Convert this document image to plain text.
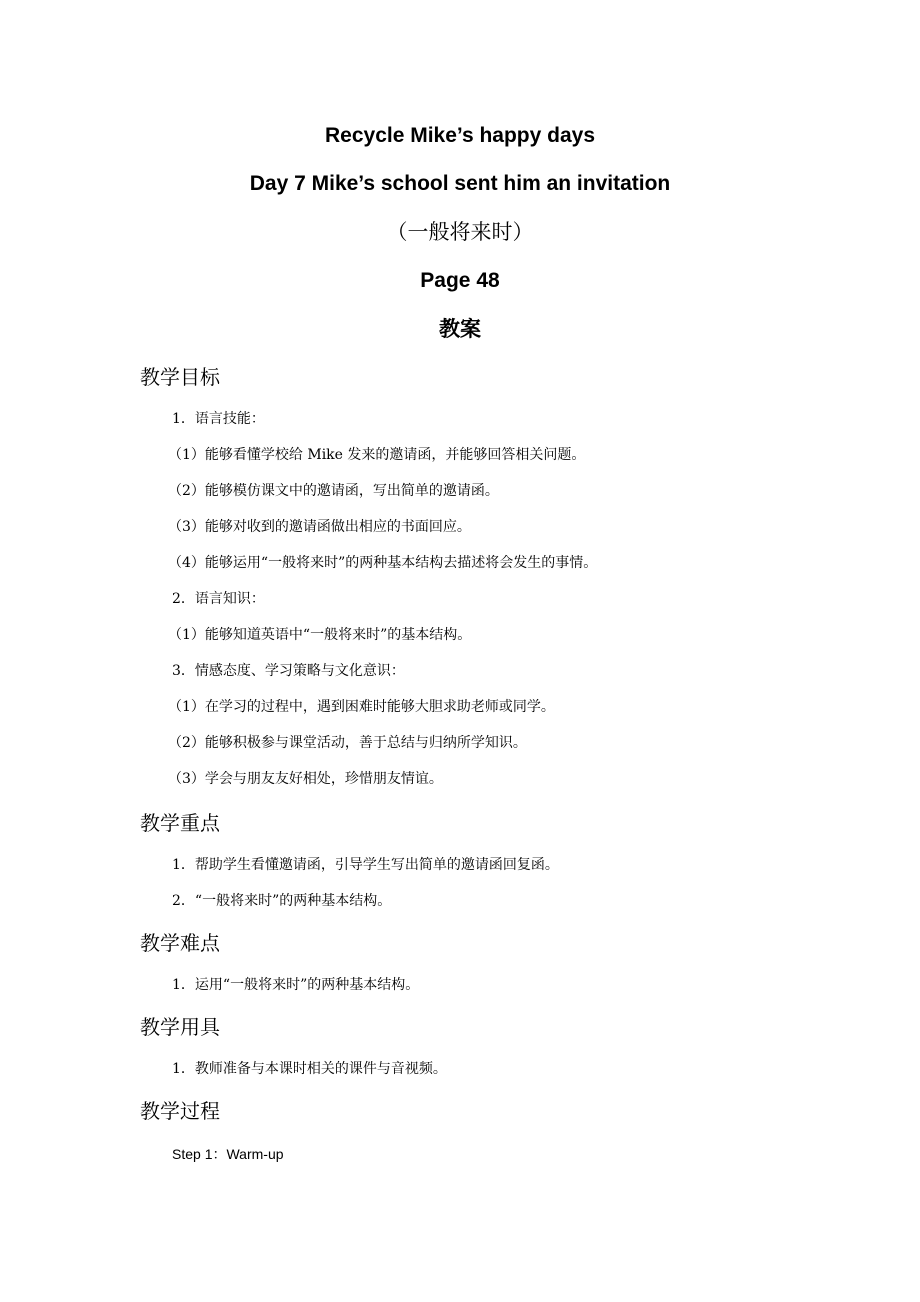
Recycle Mike’s happy days
Day 7 Mike’s school sent him an invitation
（一般将来时）
Page 48
教案
教学目标
1．语言技能：
（1）能够看懂学校给 Mike 发来的邀请函，并能够回答相关问题。
（2）能够模仿课文中的邀请函，写出简单的邀请函。
（3）能够对收到的邀请函做出相应的书面回应。
（4）能够运用“一般将来时”的两种基本结构去描述将会发生的事情。
2．语言知识：
（1）能够知道英语中“一般将来时”的基本结构。
3．情感态度、学习策略与文化意识：
（1）在学习的过程中，遇到困难时能够大胆求助老师或同学。
（2）能够积极参与课堂活动，善于总结与归纳所学知识。
（3）学会与朋友友好相处，珍惜朋友情谊。
教学重点
1．帮助学生看懂邀请函，引导学生写出简单的邀请函回复函。
2．“一般将来时”的两种基本结构。
教学难点
1．运用“一般将来时”的两种基本结构。
教学用具
1．教师准备与本课时相关的课件与音视频。
教学过程
Step 1：Warm-up
